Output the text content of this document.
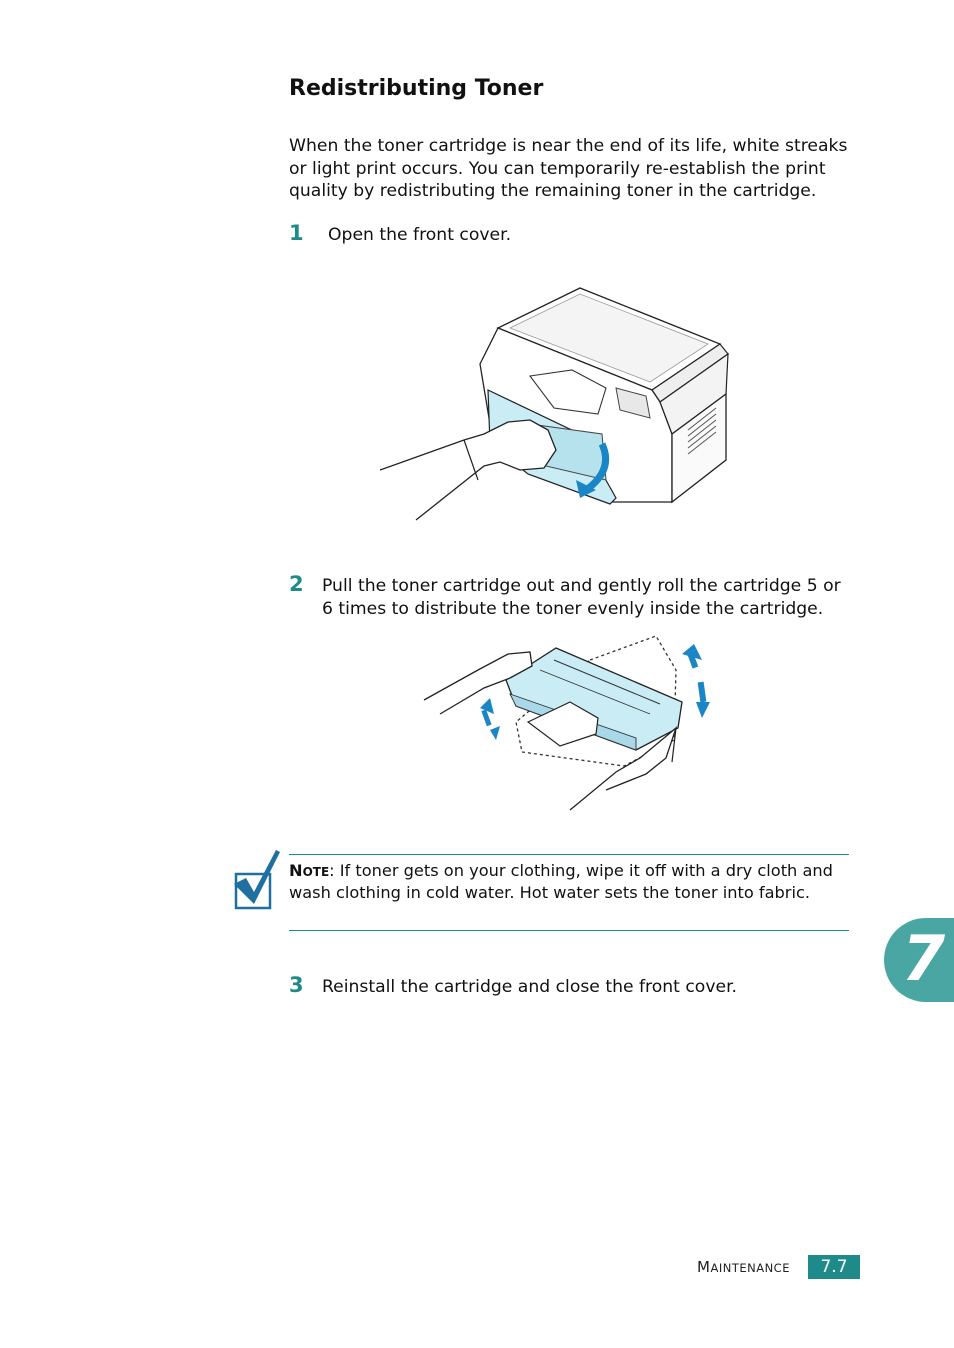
Redistributing Toner

When the toner cartridge is near the end of its life, white streaks or light print occurs. You can temporarily re-establish the print quality by redistributing the remaining toner in the cartridge.

1 Open the front cover.

2 Pull the toner cartridge out and gently roll the cartridge 5 or 6 times to distribute the toner evenly inside the cartridge.

NOTE: If toner gets on your clothing, wipe it off with a dry cloth and wash clothing in cold water. Hot water sets the toner into fabric.

3 Reinstall the cartridge and close the front cover.	7
MAINTENANCE	7.7
